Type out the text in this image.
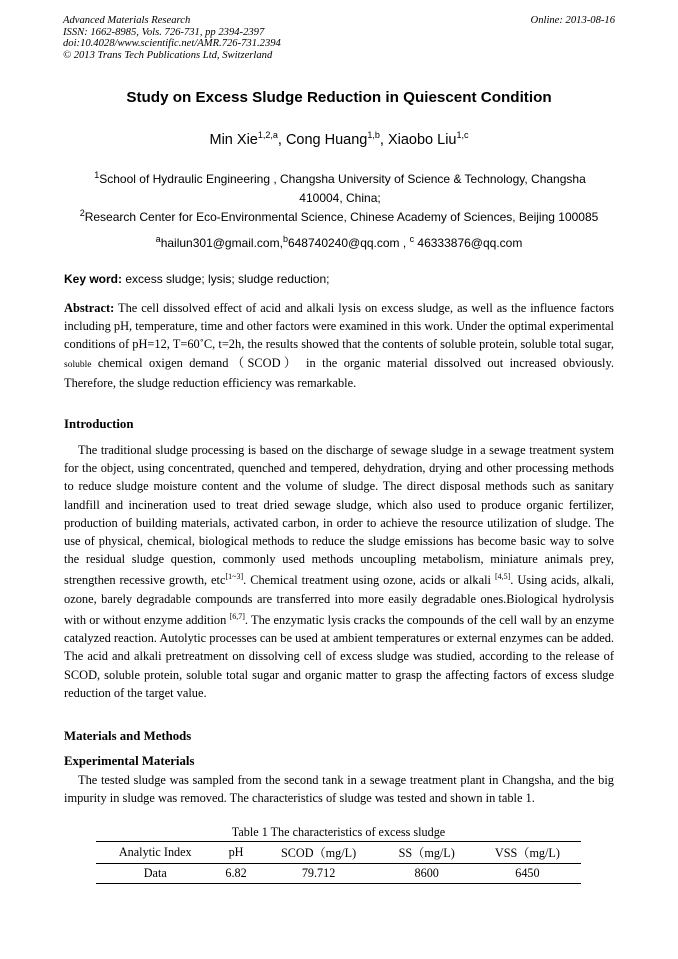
Advanced Materials Research
ISSN: 1662-8985, Vols. 726-731, pp 2394-2397
doi:10.4028/www.scientific.net/AMR.726-731.2394
© 2013 Trans Tech Publications Ltd, Switzerland
Online: 2013-08-16
Study on Excess Sludge Reduction in Quiescent Condition
Min Xie$^{1,2,a}$, Cong Huang$^{1,b}$, Xiaobo Liu$^{1,c}$
$^1$School of Hydraulic Engineering , Changsha University of Science & Technology, Changsha 410004, China;
$^2$Research Center for Eco-Environmental Science, Chinese Academy of Sciences, Beijing 100085
$^a$hailun301@gmail.com,$^b$648740240@qq.com , $^c$ 46333876@qq.com
Key word: excess sludge; lysis; sludge reduction;
Abstract: The cell dissolved effect of acid and alkali lysis on excess sludge, as well as the influence factors including pH, temperature, time and other factors were examined in this work. Under the optimal experimental conditions of pH=12, T=60˚C, t=2h, the results showed that the contents of soluble protein, soluble total sugar, soluble chemical oxigen demand（SCOD） in the organic material dissolved out increased obviously. Therefore, the sludge reduction efficiency was remarkable.
Introduction
The traditional sludge processing is based on the discharge of sewage sludge in a sewage treatment system for the object, using concentrated, quenched and tempered, dehydration, drying and other processing methods to reduce sludge moisture content and the volume of sludge. The direct disposal methods such as sanitary landfill and incineration used to treat dried sewage sludge, which also used to produce organic fertilizer, production of building materials, activated carbon, in order to achieve the resource utilization of sludge. The use of physical, chemical, biological methods to reduce the sludge emissions has become basic way to solve the residual sludge question, commonly used methods uncoupling metabolism, miniature animals prey, strengthen recessive growth, etc[1~3]. Chemical treatment using ozone, acids or alkali [4,5]. Using acids, alkali, ozone, barely degradable compounds are transferred into more easily degradable ones.Biological hydrolysis with or without enzyme addition [6,7]. The enzymatic lysis cracks the compounds of the cell wall by an enzyme catalyzed reaction. Autolytic processes can be used at ambient temperatures or external enzymes can be added. The acid and alkali pretreatment on dissolving cell of excess sludge was studied, according to the release of SCOD, soluble protein, soluble total sugar and organic matter to grasp the affecting factors of excess sludge reduction of the target value.
Materials and Methods
Experimental Materials
The tested sludge was sampled from the second tank in a sewage treatment plant in Changsha, and the big impurity in sludge was removed. The characteristics of sludge was tested and shown in table 1.
Table 1 The characteristics of excess sludge
Analytic Index	pH	SCOD（mg/L)	SS（mg/L)	VSS（mg/L)
Data	6.82	79.712	8600	6450
